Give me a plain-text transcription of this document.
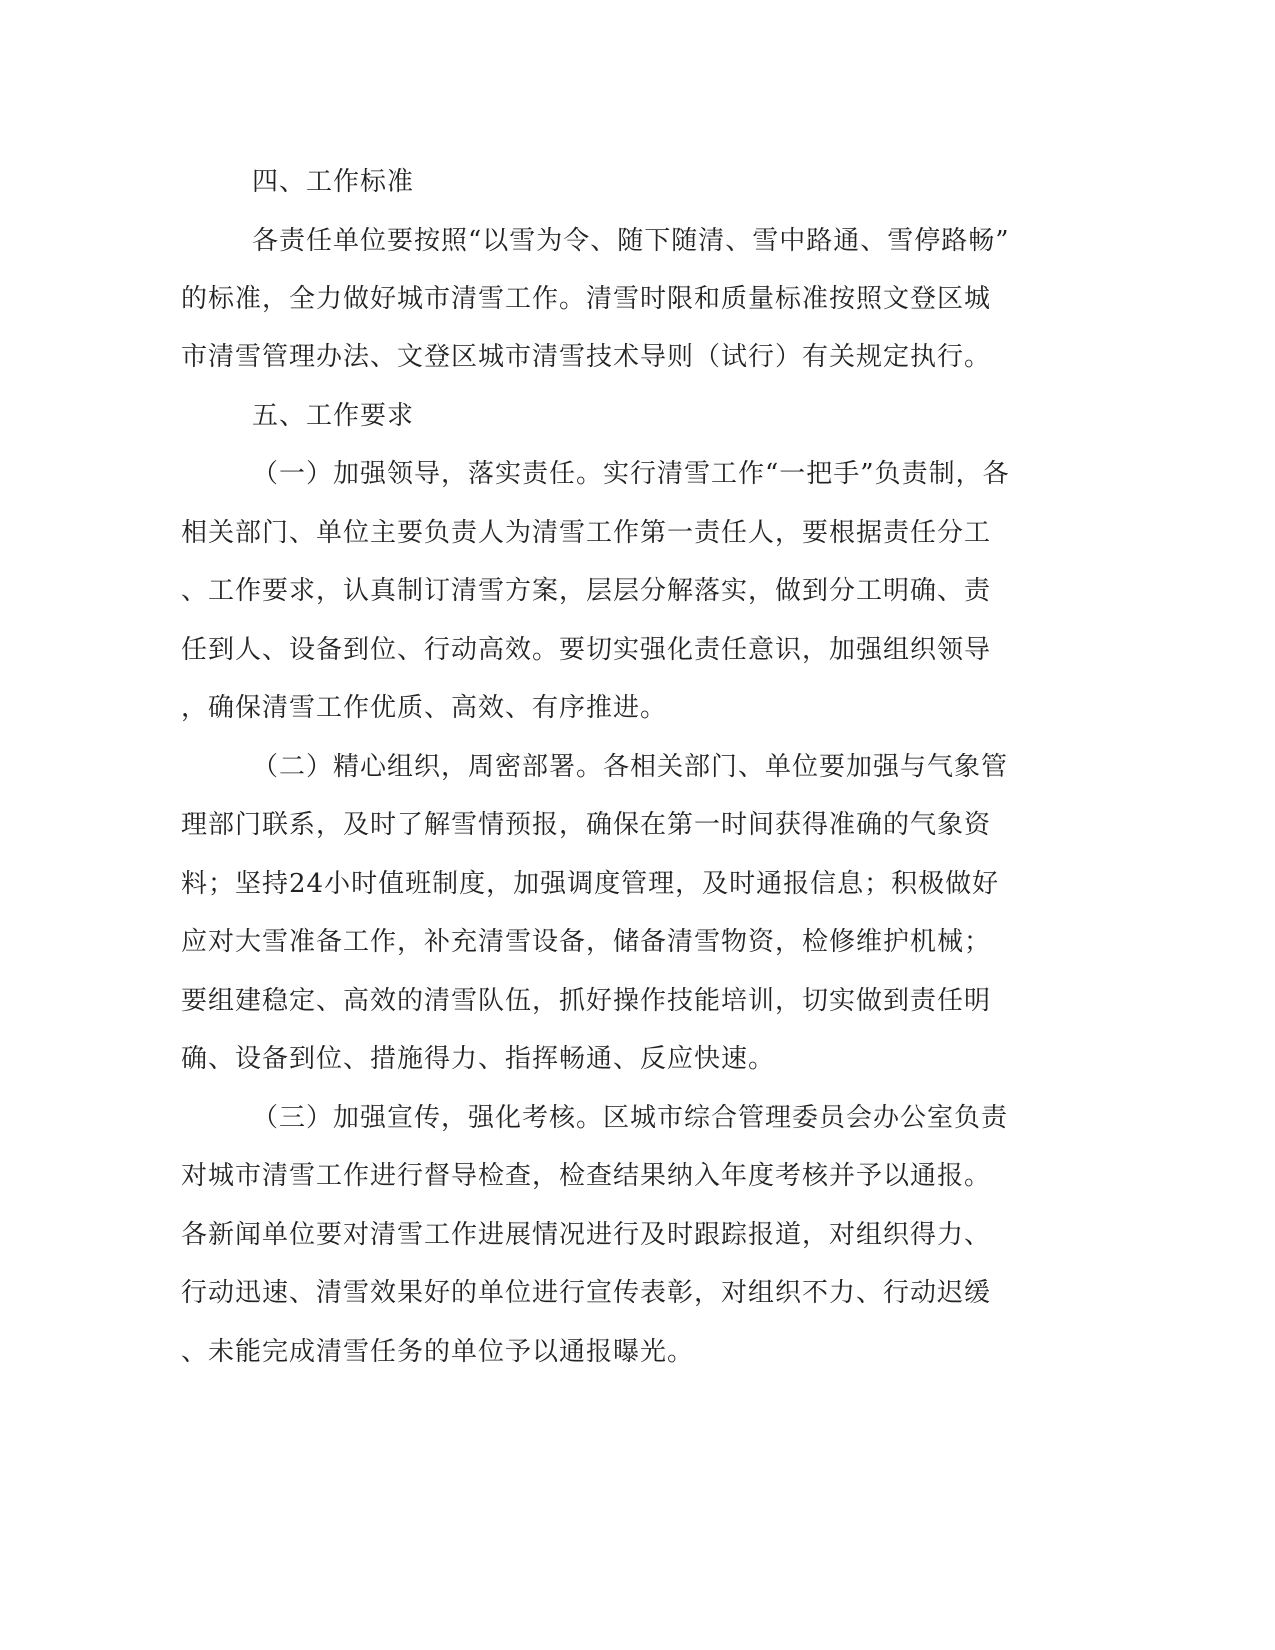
四、工作标准

各责任单位要按照“以雪为令、随下随清、雪中路通、雪停路畅”

的标准，全力做好城市清雪工作。清雪时限和质量标准按照文登区城

市清雪管理办法、文登区城市清雪技术导则（试行）有关规定执行。

五、工作要求

（一）加强领导，落实责任。实行清雪工作“一把手”负责制，各

相关部门、单位主要负责人为清雪工作第一责任人，要根据责任分工

、工作要求，认真制订清雪方案，层层分解落实，做到分工明确、责

任到人、设备到位、行动高效。要切实强化责任意识，加强组织领导

，确保清雪工作优质、高效、有序推进。

（二）精心组织，周密部署。各相关部门、单位要加强与气象管

理部门联系，及时了解雪情预报，确保在第一时间获得准确的气象资

料；坚持24小时值班制度，加强调度管理，及时通报信息；积极做好

应对大雪准备工作，补充清雪设备，储备清雪物资，检修维护机械；

要组建稳定、高效的清雪队伍，抓好操作技能培训，切实做到责任明

确、设备到位、措施得力、指挥畅通、反应快速。

（三）加强宣传，强化考核。区城市综合管理委员会办公室负责

对城市清雪工作进行督导检查，检查结果纳入年度考核并予以通报。

各新闻单位要对清雪工作进展情况进行及时跟踪报道，对组织得力、

行动迅速、清雪效果好的单位进行宣传表彰，对组织不力、行动迟缓

、未能完成清雪任务的单位予以通报曝光。
